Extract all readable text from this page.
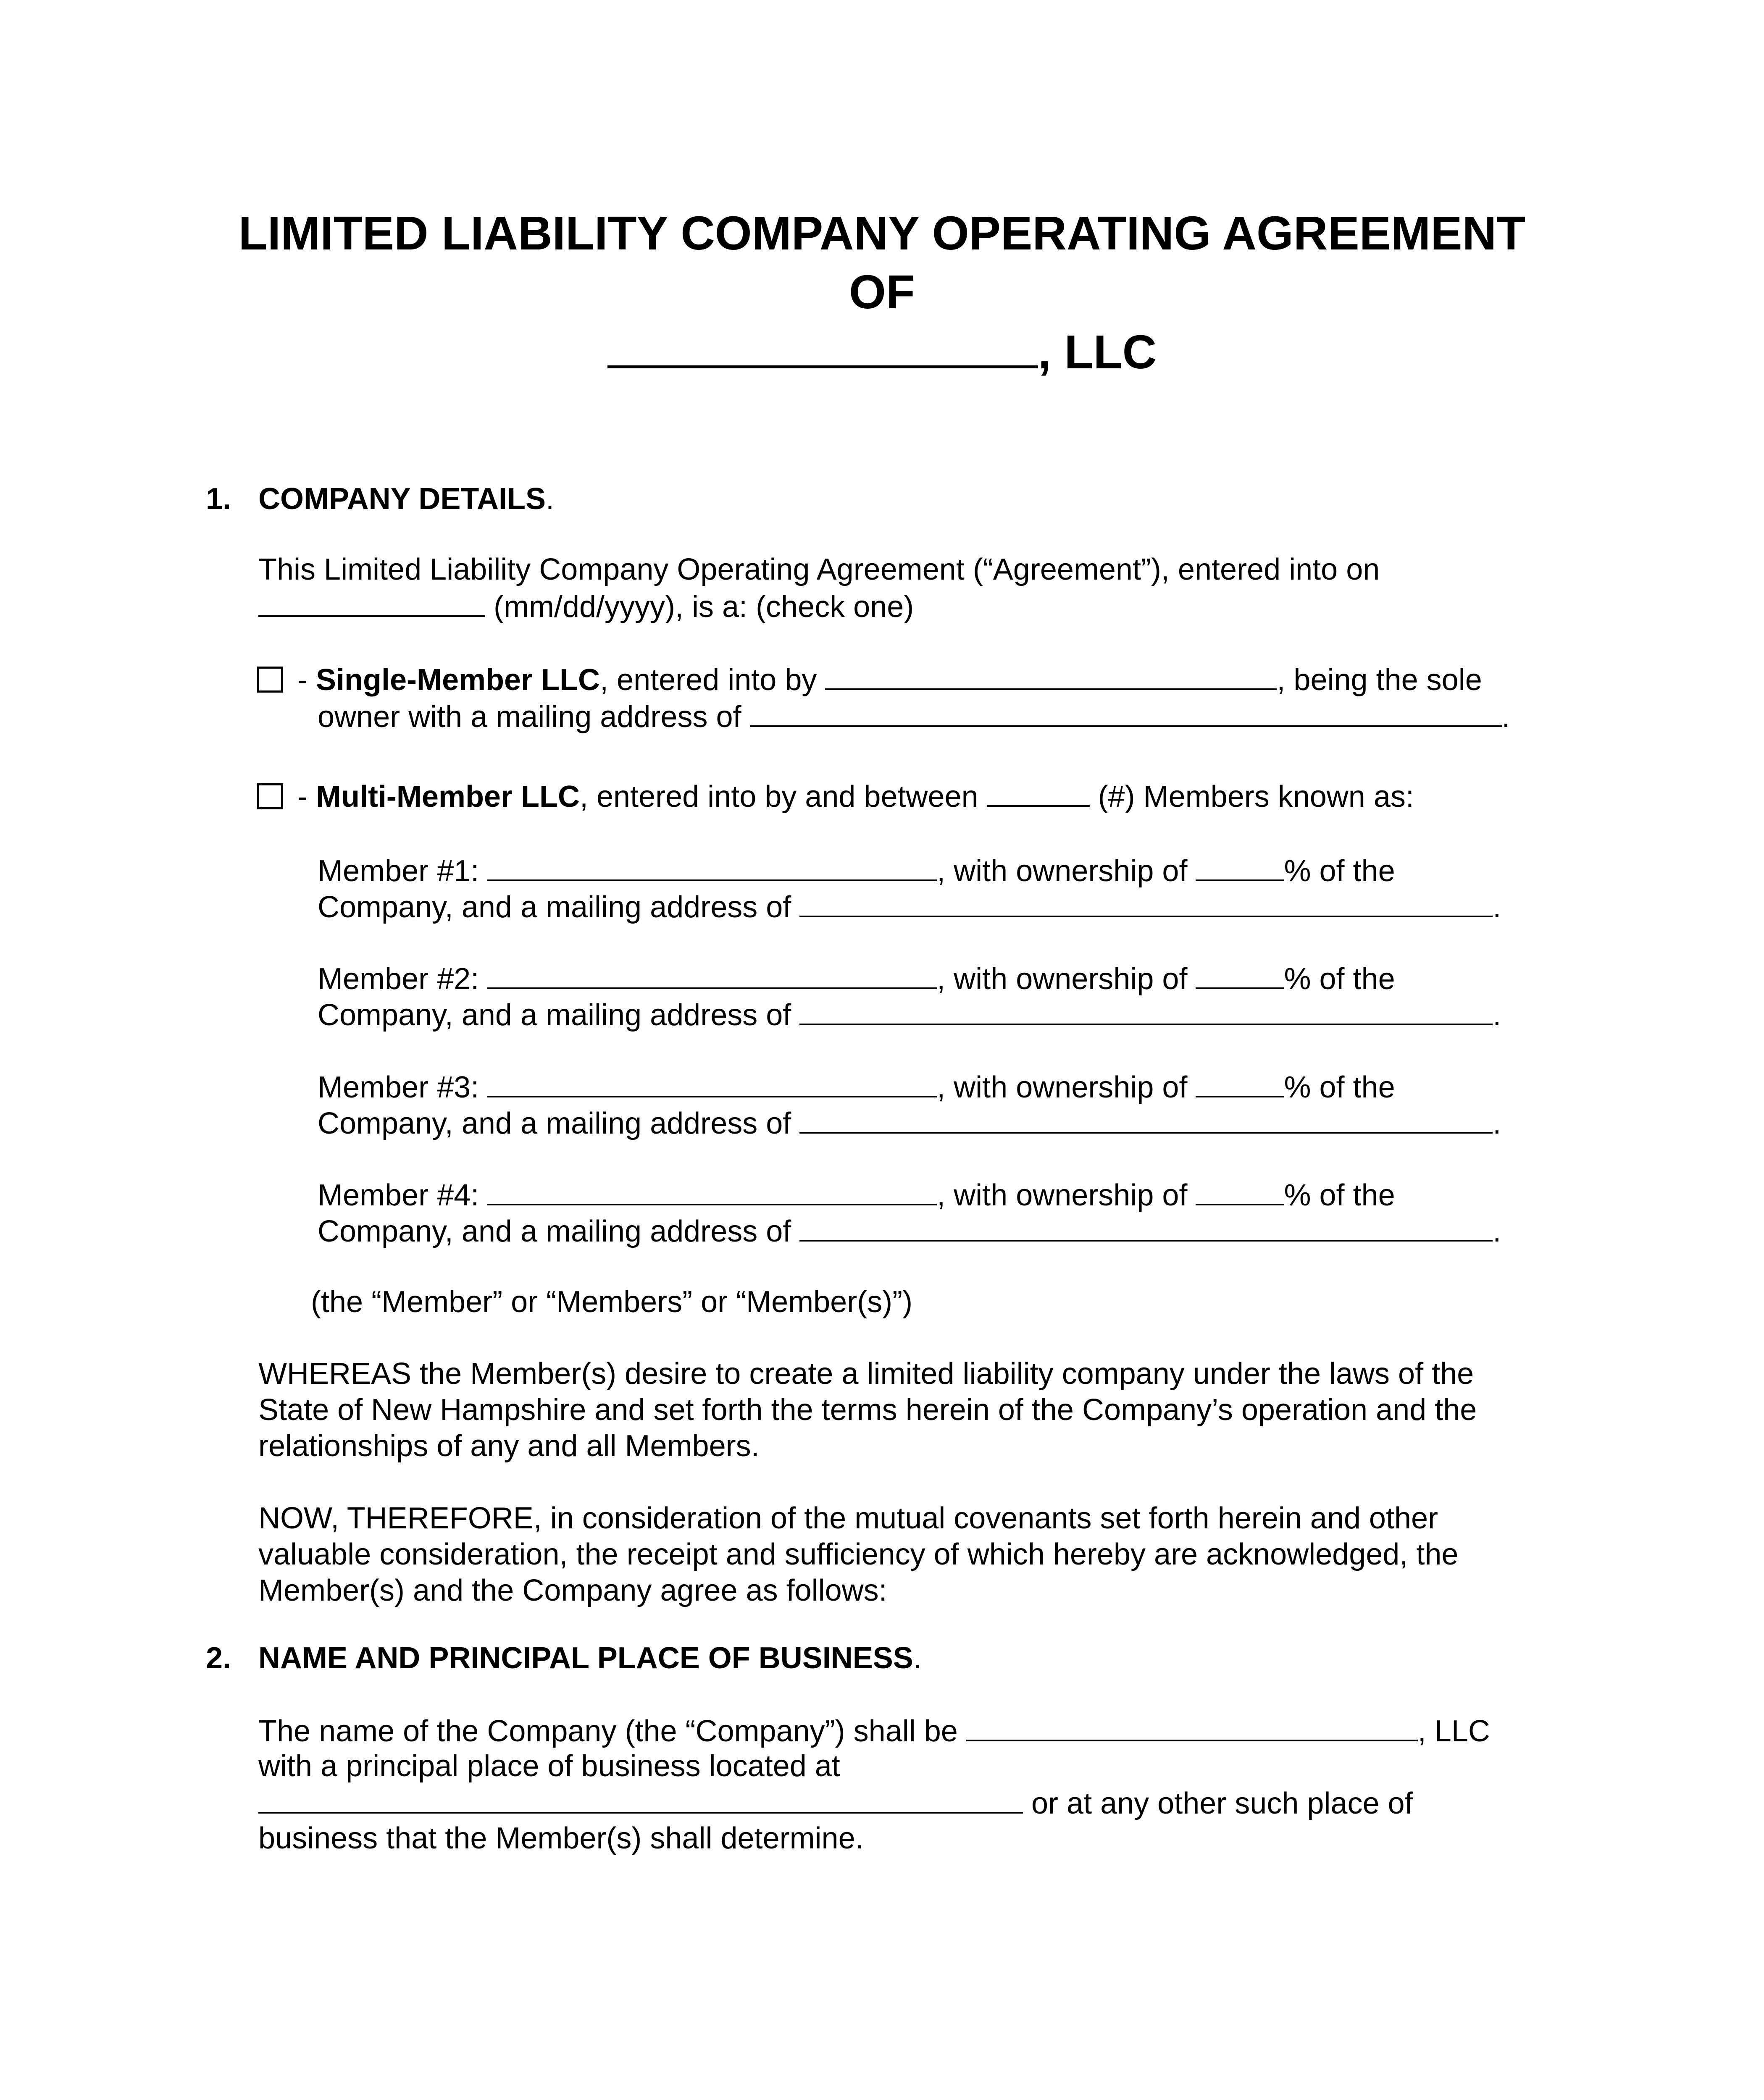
LIMITED LIABILITY COMPANY OPERATING AGREEMENT
OF
, LLC
1. COMPANY DETAILS.
This Limited Liability Company Operating Agreement (“Agreement”), entered into on
(mm/dd/yyyy), is a: (check one)
- Single-Member LLC, entered into by	, being the sole
owner with a mailing address of	.
- Multi-Member LLC, entered into by and between	(#) Members known as:
Member #1:	, with ownership of	% of the
Company, and a mailing address of	.
Member #2:	, with ownership of	% of the
Company, and a mailing address of	.
Member #3:	, with ownership of	% of the
Company, and a mailing address of	.
Member #4:	, with ownership of	% of the
Company, and a mailing address of	.
(the “Member” or “Members” or “Member(s)”)
WHEREAS the Member(s) desire to create a limited liability company under the laws of the
State of New Hampshire and set forth the terms herein of the Company’s operation and the
relationships of any and all Members.
NOW, THEREFORE, in consideration of the mutual covenants set forth herein and other
valuable consideration, the receipt and sufficiency of which hereby are acknowledged, the
Member(s) and the Company agree as follows:
2. NAME AND PRINCIPAL PLACE OF BUSINESS.
The name of the Company (the “Company”) shall be	, LLC
with a principal place of business located at
or at any other such place of
business that the Member(s) shall determine.
